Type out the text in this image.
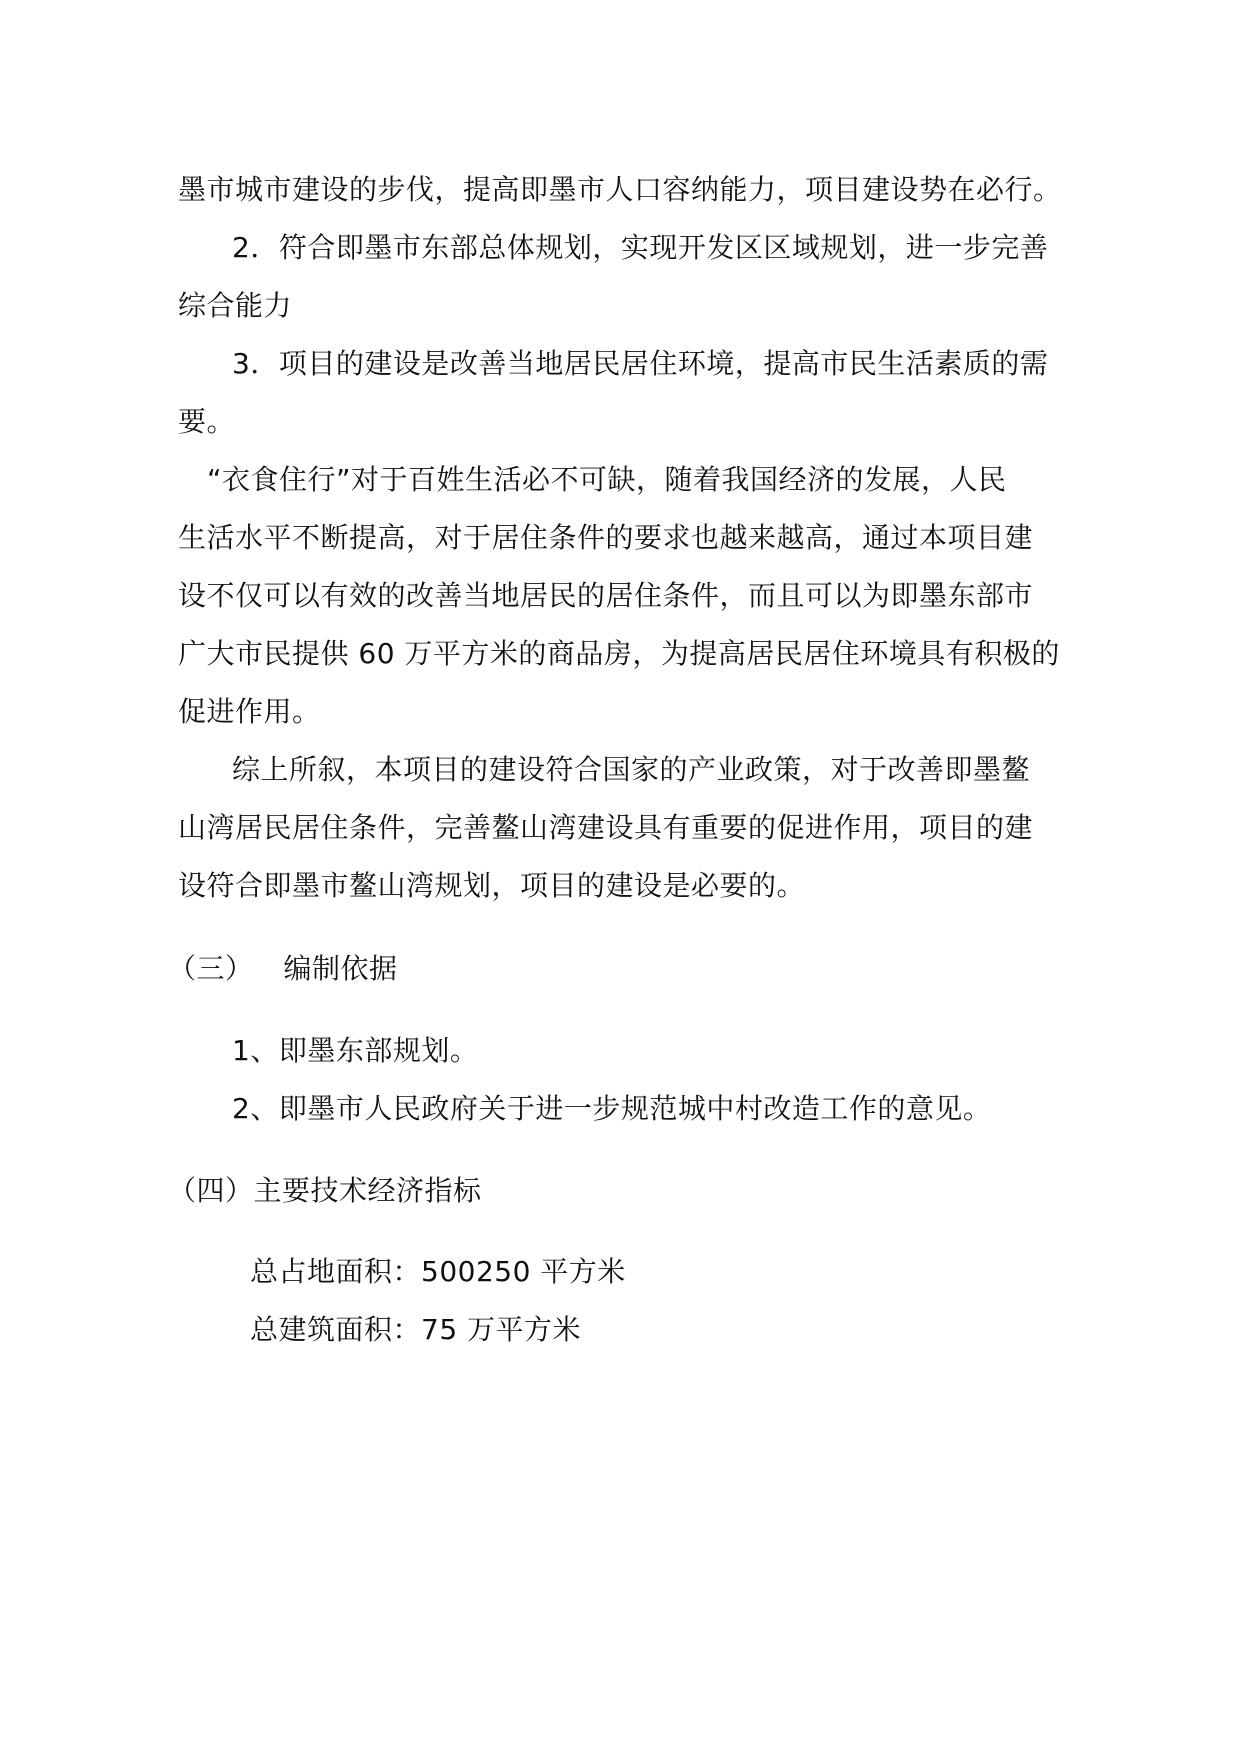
墨市城市建设的步伐，提高即墨市人口容纳能力，项目建设势在必行。
2．符合即墨市东部总体规划，实现开发区区域规划，进一步完善
综合能力
3．项目的建设是改善当地居民居住环境，提高市民生活素质的需
要。
“衣食住行”对于百姓生活必不可缺，随着我国经济的发展，人民
生活水平不断提高，对于居住条件的要求也越来越高，通过本项目建
设不仅可以有效的改善当地居民的居住条件，而且可以为即墨东部市
广大市民提供 60 万平方米的商品房，为提高居民居住环境具有积极的
促进作用。
综上所叙，本项目的建设符合国家的产业政策，对于改善即墨鳌
山湾居民居住条件，完善鳌山湾建设具有重要的促进作用，项目的建
设符合即墨市鳌山湾规划，项目的建设是必要的。
（三） 编制依据
1、即墨东部规划。
2、即墨市人民政府关于进一步规范城中村改造工作的意见。
（四）主要技术经济指标
总占地面积：500250 平方米
总建筑面积：75 万平方米
